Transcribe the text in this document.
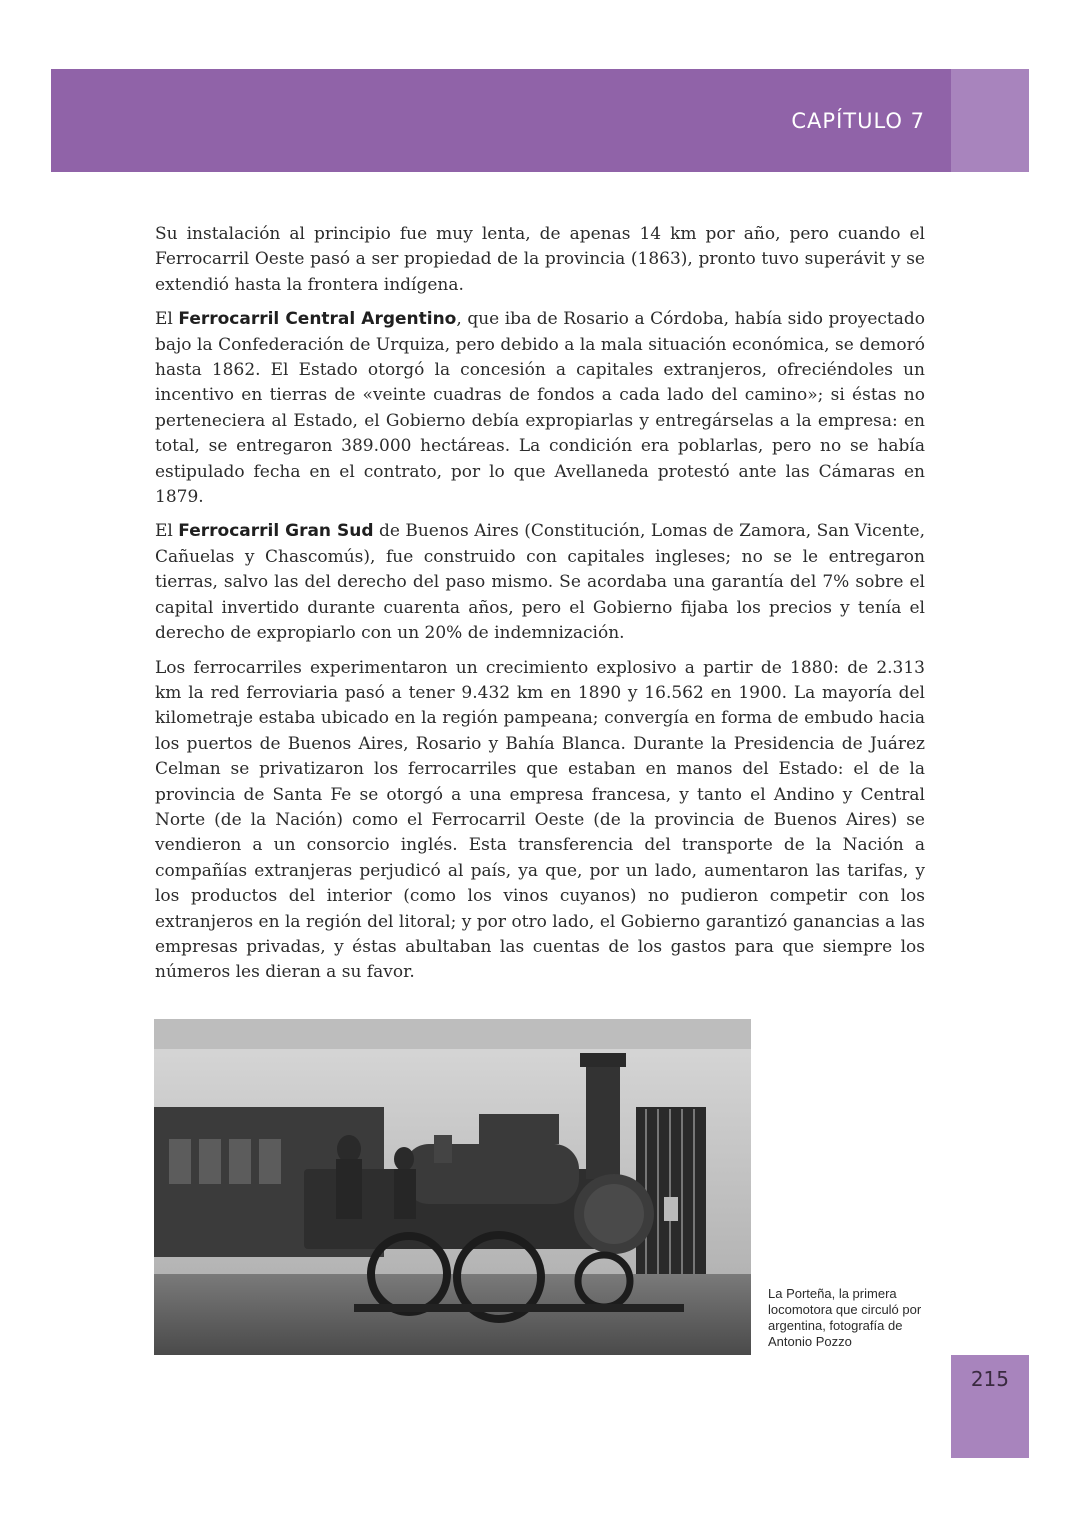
CAPÍTULO 7

Su instalación al principio fue muy lenta, de apenas 14 km por año, pero cuando el Ferrocarril Oeste pasó a ser propiedad de la provincia (1863), pronto tuvo superávit y se extendió hasta la frontera indígena.

El Ferrocarril Central Argentino, que iba de Rosario a Córdoba, había sido proyectado bajo la Confederación de Urquiza, pero debido a la mala situación económica, se demoró hasta 1862. El Estado otorgó la concesión a capitales extranjeros, ofreciéndoles un incentivo en tierras de «veinte cuadras de fondos a cada lado del camino»; si éstas no perteneciera al Estado, el Gobierno debía expropiarlas y entregárselas a la empresa: en total, se entregaron 389.000 hectáreas. La condición era poblarlas, pero no se había estipulado fecha en el contrato, por lo que Avellaneda protestó ante las Cámaras en 1879.

El Ferrocarril Gran Sud de Buenos Aires (Constitución, Lomas de Zamora, San Vicente, Cañuelas y Chascomús), fue construido con capitales ingleses; no se le entregaron tierras, salvo las del derecho del paso mismo. Se acordaba una garantía del 7% sobre el capital invertido durante cuarenta años, pero el Gobierno fijaba los precios y tenía el derecho de expropiarlo con un 20% de indemnización.

Los ferrocarriles experimentaron un crecimiento explosivo a partir de 1880: de 2.313 km la red ferroviaria pasó a tener 9.432 km en 1890 y 16.562 en 1900. La mayoría del kilometraje estaba ubicado en la región pampeana; convergía en forma de embudo hacia los puertos de Buenos Aires, Rosario y Bahía Blanca. Durante la Presidencia de Juárez Celman se privatizaron los ferrocarriles que estaban en manos del Estado: el de la provincia de Santa Fe se otorgó a una empresa francesa, y tanto el Andino y Central Norte (de la Nación) como el Ferrocarril Oeste (de la provincia de Buenos Aires) se vendieron a un consorcio inglés. Esta transferencia del transporte de la Nación a compañías extranjeras perjudicó al país, ya que, por un lado, aumentaron las tarifas, y los productos del interior (como los vinos cuyanos) no pudieron competir con los extranjeros en la región del litoral; y por otro lado, el Gobierno garantizó ganancias a las empresas privadas, y éstas abultaban las cuentas de los gastos para que siempre los números les dieran a su favor.

La Porteña, la primera locomotora que circuló por argentina, fotografía de Antonio Pozzo
215
